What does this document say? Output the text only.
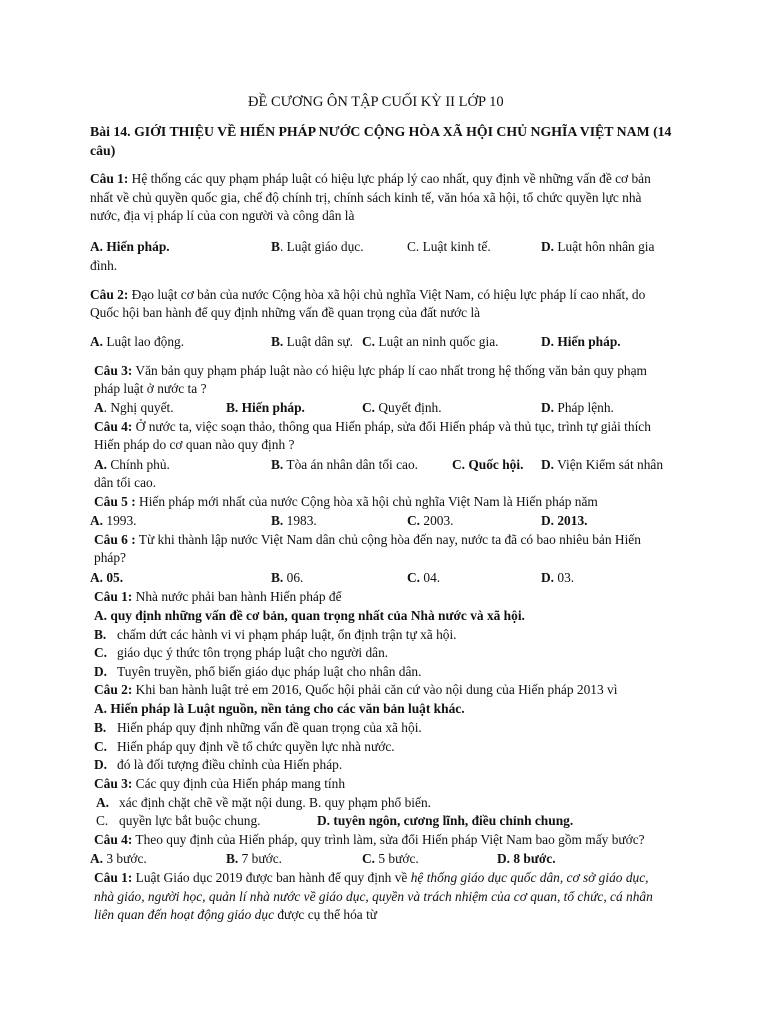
ĐỀ CƯƠNG ÔN TẬP CUỐI KỲ II LỚP 10
Bài 14. GIỚI THIỆU VỀ HIẾN PHÁP NƯỚC CỘNG HÒA XÃ HỘI CHỦ NGHĨA VIỆT NAM (14
câu)
Câu 1: Hệ thống các quy phạm pháp luật có hiệu lực pháp lý cao nhất, quy định về những vấn đề cơ bản
nhất về chủ quyền quốc gia, chế độ chính trị, chính sách kinh tế, văn hóa xã hội, tổ chức quyền lực nhà
nước, địa vị pháp lí của con người và công dân là
A. Hiến pháp.	B. Luật giáo dục.	C. Luật kinh tế.	D. Luật hôn nhân gia
đình.
Câu 2: Đạo luật cơ bản của nước Cộng hòa xã hội chủ nghĩa Việt Nam, có hiệu lực pháp lí cao nhất, do
Quốc hội ban hành để quy định những vấn đề quan trọng của đất nước là
A. Luật lao động.	B. Luật dân sự. C. Luật an ninh quốc gia.	D. Hiến pháp.
Câu 3: Văn bản quy phạm pháp luật nào có hiệu lực pháp lí cao nhất trong hệ thống văn bản quy phạm
pháp luật ở nước ta ?
A. Nghị quyết.	B. Hiến pháp.	C. Quyết định.	D. Pháp lệnh.
Câu 4: Ở nước ta, việc soạn thảo, thông qua Hiến pháp, sửa đổi Hiến pháp và thủ tục, trình tự giải thích
Hiến pháp do cơ quan nào quy định ?
A. Chính phủ.	B. Tòa án nhân dân tối cao.	C. Quốc hội. D. Viện Kiểm sát nhân
dân tối cao.
Câu 5 : Hiến pháp mới nhất của nước Cộng hòa xã hội chủ nghĩa Việt Nam là Hiến pháp năm
A. 1993.	B. 1983.	C. 2003.	D. 2013.
Câu 6 : Từ khi thành lập nước Việt Nam dân chủ cộng hòa đến nay, nước ta đã có bao nhiêu bản Hiến
pháp?
A. 05.	B. 06.	C. 04.	D. 03.
Câu 1: Nhà nước phải ban hành Hiến pháp để
A. quy định những vấn đề cơ bản, quan trọng nhất của Nhà nước và xã hội.
B. chấm dứt các hành vi vi phạm pháp luật, ổn định trận tự xã hội.
C. giáo dục ý thức tôn trọng pháp luật cho người dân.
D. Tuyên truyền, phổ biến giáo dục pháp luật cho nhân dân.
Câu 2: Khi ban hành luật trẻ em 2016, Quốc hội phải căn cứ vào nội dung của Hiến pháp 2013 vì
A. Hiến pháp là Luật nguồn, nền tảng cho các văn bản luật khác.
B. Hiến pháp quy định những vấn đề quan trọng của xã hội.
C. Hiến pháp quy định về tổ chức quyền lực nhà nước.
D. đó là đối tượng điều chỉnh của Hiến pháp.
Câu 3: Các quy định của Hiến pháp mang tính
A. xác định chặt chẽ về mặt nội dung. B. quy phạm phổ biến.
C. quyền lực bắt buộc chung.	D. tuyên ngôn, cương lĩnh, điều chỉnh chung.
Câu 4: Theo quy định của Hiến pháp, quy trình làm, sửa đổi Hiến pháp Việt Nam bao gồm mấy bước?
A. 3 bước.	B. 7 bước.	C. 5 bước.	D. 8 bước.
Câu 1: Luật Giáo dục 2019 được ban hành để quy định về hệ thống giáo dục quốc dân, cơ sở giáo dục,
nhà giáo, người học, quản lí nhà nước về giáo dục, quyền và trách nhiệm của cơ quan, tổ chức, cá nhân
liên quan đến hoạt động giáo dục được cụ thể hóa từ
